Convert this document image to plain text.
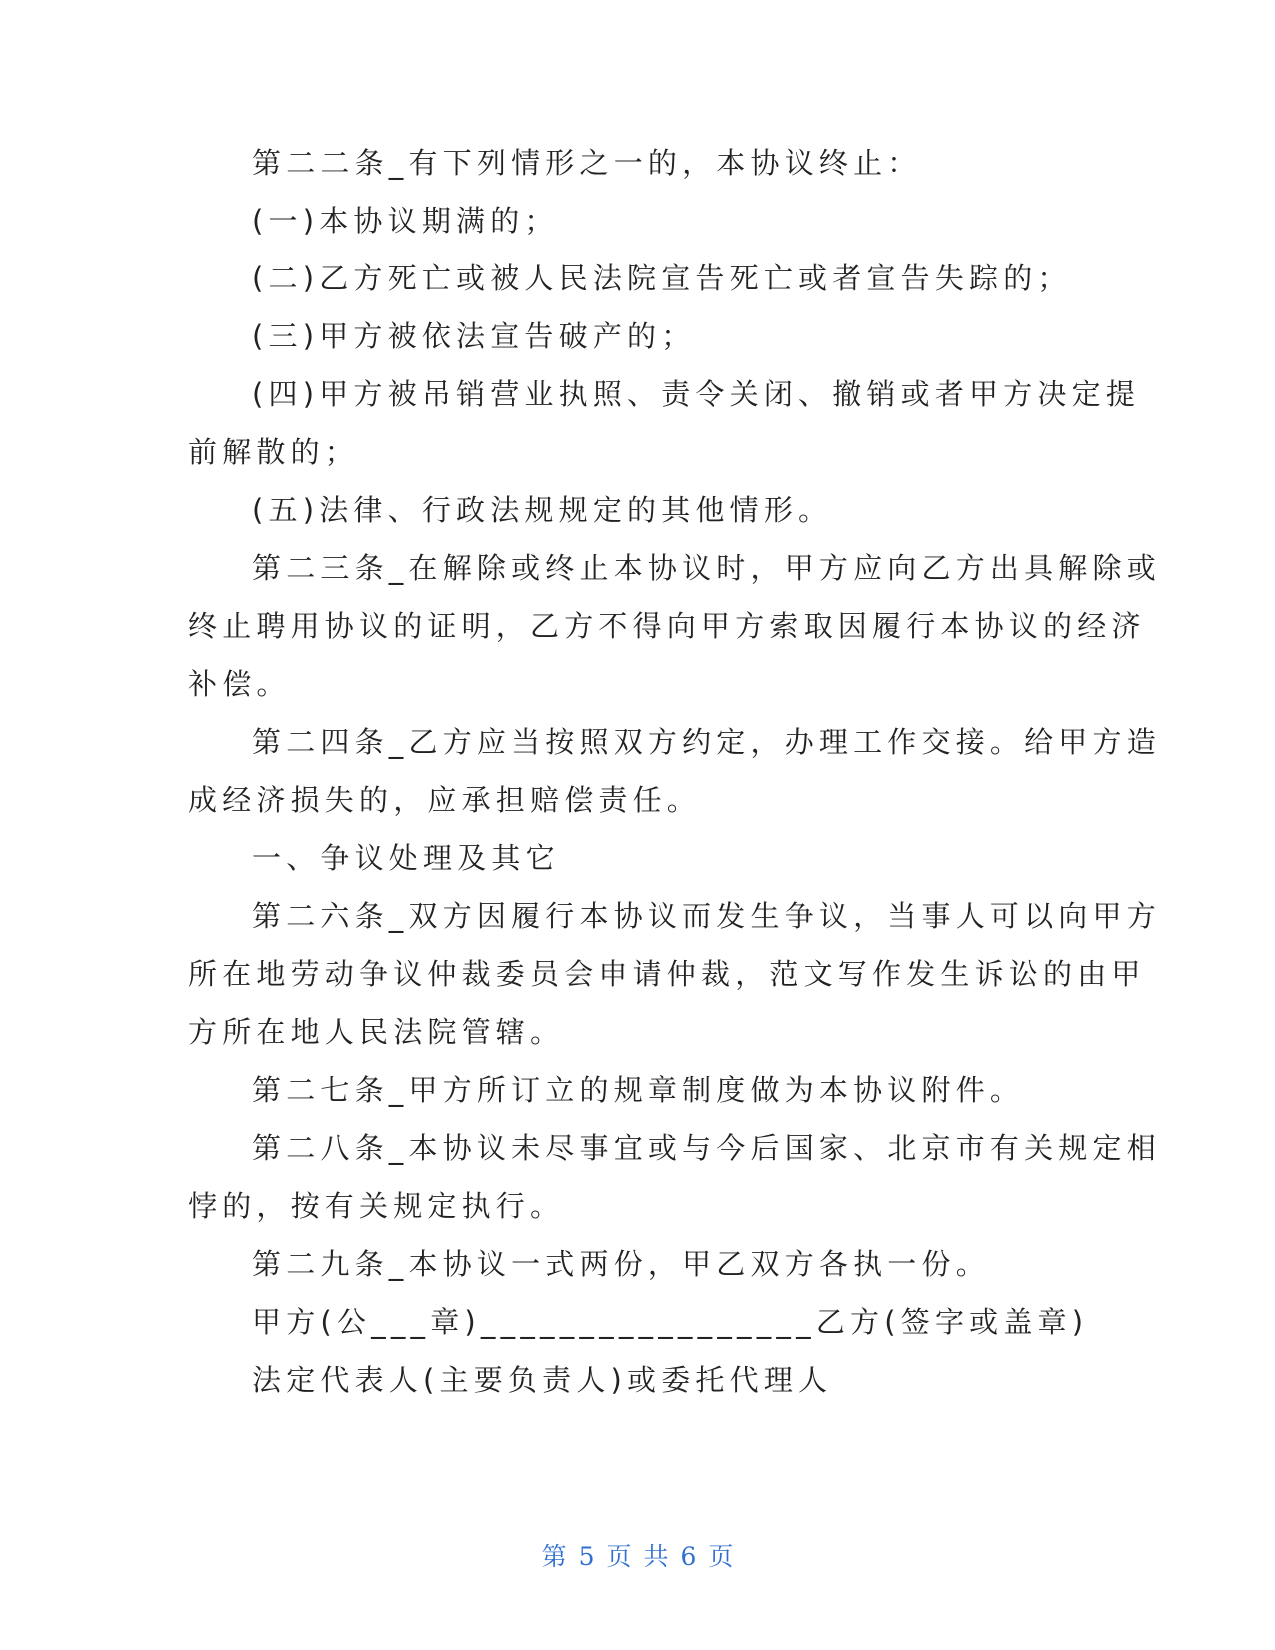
第二二条_有下列情形之一的，本协议终止：
(一)本协议期满的；
(二)乙方死亡或被人民法院宣告死亡或者宣告失踪的；
(三)甲方被依法宣告破产的；
(四)甲方被吊销营业执照、责令关闭、撤销或者甲方决定提
前解散的；
(五)法律、行政法规规定的其他情形。
第二三条_在解除或终止本协议时，甲方应向乙方出具解除或
终止聘用协议的证明，乙方不得向甲方索取因履行本协议的经济
补偿。
第二四条_乙方应当按照双方约定，办理工作交接。给甲方造
成经济损失的，应承担赔偿责任。
一、争议处理及其它
第二六条_双方因履行本协议而发生争议，当事人可以向甲方
所在地劳动争议仲裁委员会申请仲裁，范文写作发生诉讼的由甲
方所在地人民法院管辖。
第二七条_甲方所订立的规章制度做为本协议附件。
第二八条_本协议未尽事宜或与今后国家、北京市有关规定相
悖的，按有关规定执行。
第二九条_本协议一式两份，甲乙双方各执一份。
甲方(公___章)_________________乙方(签字或盖章)
法定代表人(主要负责人)或委托代理人
第 5 页 共 6 页
